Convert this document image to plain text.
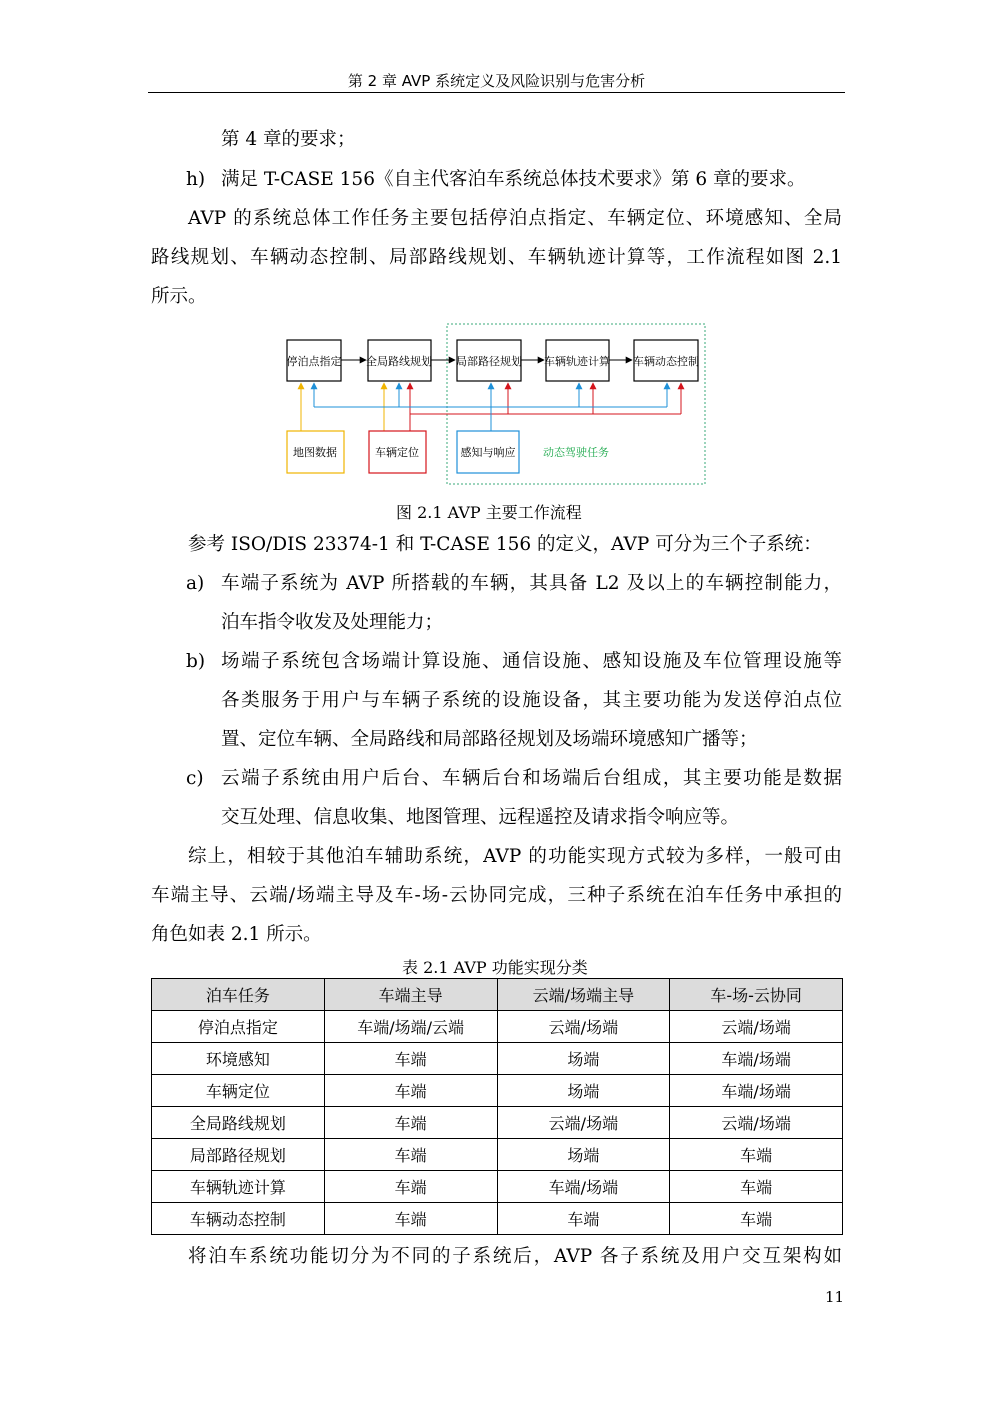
第 2 章 AVP 系统定义及风险识别与危害分析
第 4 章的要求；
h) 满足 T-CASE 156《自主代客泊车系统总体技术要求》第 6 章的要求。
AVP 的系统总体工作任务主要包括停泊点指定、车辆定位、环境感知、全局
路线规划、车辆动态控制、局部路线规划、车辆轨迹计算等，工作流程如图 2.1
所示。
停泊点指定 全局路线规划 局部路径规划 车辆轨迹计算 车辆动态控制
地图数据	车辆定位	感知与响应	动态驾驶任务
图 2.1 AVP 主要工作流程
参考 ISO/DIS 23374-1 和 T-CASE 156 的定义，AVP 可分为三个子系统：
a) 车端子系统为 AVP 所搭载的车辆，其具备 L2 及以上的车辆控制能力，
泊车指令收发及处理能力；
b) 场端子系统包含场端计算设施、通信设施、感知设施及车位管理设施等
各类服务于用户与车辆子系统的设施设备，其主要功能为发送停泊点位
置、定位车辆、全局路线和局部路径规划及场端环境感知广播等；
c) 云端子系统由用户后台、车辆后台和场端后台组成，其主要功能是数据
交互处理、信息收集、地图管理、远程遥控及请求指令响应等。
综上，相较于其他泊车辅助系统，AVP 的功能实现方式较为多样，一般可由
车端主导、云端/场端主导及车-场-云协同完成，三种子系统在泊车任务中承担的
角色如表 2.1 所示。
表 2.1 AVP 功能实现分类
泊车任务	车端主导	云端/场端主导	车-场-云协同
停泊点指定	车端/场端/云端	云端/场端	云端/场端
环境感知	车端	场端	车端/场端
车辆定位	车端	场端	车端/场端
全局路线规划	车端	云端/场端	云端/场端
局部路径规划	车端	场端	车端
车辆轨迹计算	车端	车端/场端	车端
车辆动态控制	车端	车端	车端
将泊车系统功能切分为不同的子系统后，AVP 各子系统及用户交互架构如
11
